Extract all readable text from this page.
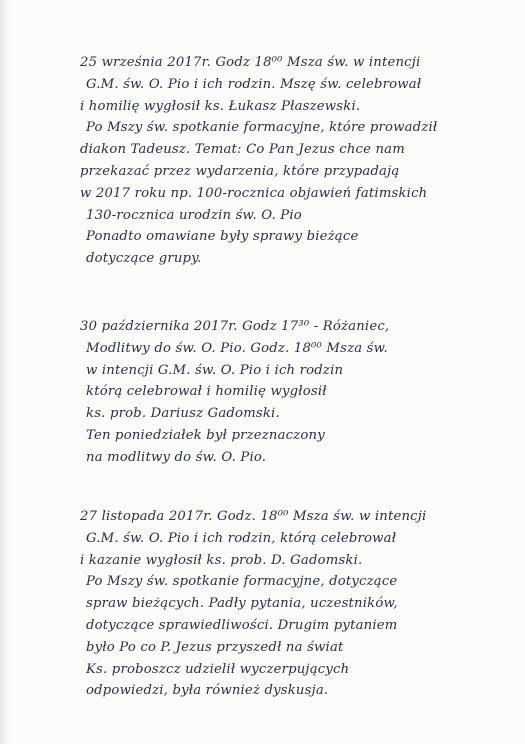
25 września 2017r. Godz 18⁰⁰ Msza św. w intencji
G.M. św. O. Pio i ich rodzin. Mszę św. celebrował
i homilię wygłosił ks. Łukasz Płaszewski.
Po Mszy św. spotkanie formacyjne, które prowadził
diakon Tadeusz. Temat: Co Pan Jezus chce nam
przekazać przez wydarzenia, które przypadają
w 2017 roku np. 100-rocznica objawień fatimskich
130-rocznica urodzin św. O. Pio
Ponadto omawiane były sprawy bieżące
dotyczące grupy.
30 października 2017r. Godz 17³⁰ - Różaniec,
Modlitwy do św. O. Pio. Godz. 18⁰⁰ Msza św.
w intencji G.M. św. O. Pio i ich rodzin
którą celebrował i homilię wygłosił
ks. prob. Dariusz Gadomski.
Ten poniedziałek był przeznaczony
na modlitwy do św. O. Pio.
27 listopada 2017r. Godz. 18⁰⁰ Msza św. w intencji
G.M. św. O. Pio i ich rodzin, którą celebrował
i kazanie wygłosił ks. prob. D. Gadomski.
Po Mszy św. spotkanie formacyjne, dotyczące
spraw bieżących. Padły pytania, uczestników,
dotyczące sprawiedliwości. Drugim pytaniem
było Po co P. Jezus przyszedł na świat
Ks. proboszcz udzielił wyczerpujących
odpowiedzi, była również dyskusja.
